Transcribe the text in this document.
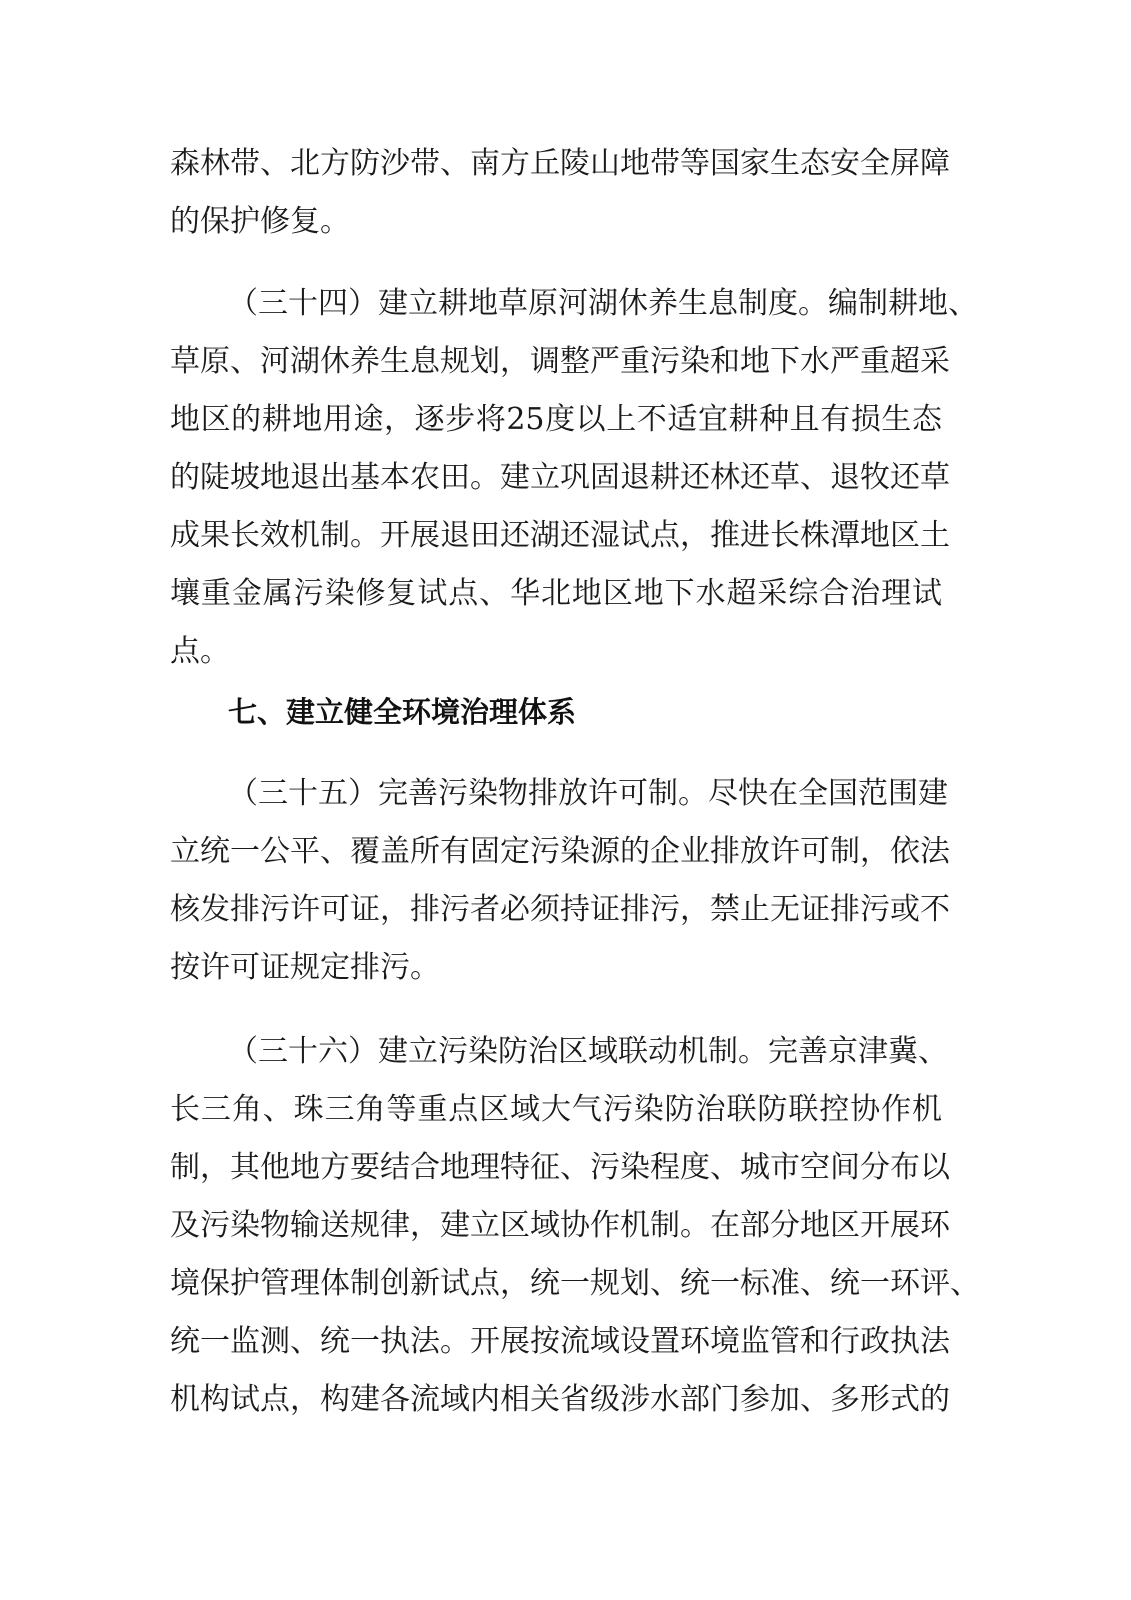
森林带、北方防沙带、南方丘陵山地带等国家生态安全屏障
的保护修复。
（三十四）建立耕地草原河湖休养生息制度。编制耕地、
草原、河湖休养生息规划，调整严重污染和地下水严重超采
地区的耕地用途，逐步将25度以上不适宜耕种且有损生态
的陡坡地退出基本农田。建立巩固退耕还林还草、退牧还草
成果长效机制。开展退田还湖还湿试点，推进长株潭地区土
壤重金属污染修复试点、华北地区地下水超采综合治理试
点。
七、建立健全环境治理体系
（三十五）完善污染物排放许可制。尽快在全国范围建
立统一公平、覆盖所有固定污染源的企业排放许可制，依法
核发排污许可证，排污者必须持证排污，禁止无证排污或不
按许可证规定排污。
（三十六）建立污染防治区域联动机制。完善京津冀、
长三角、珠三角等重点区域大气污染防治联防联控协作机
制，其他地方要结合地理特征、污染程度、城市空间分布以
及污染物输送规律，建立区域协作机制。在部分地区开展环
境保护管理体制创新试点，统一规划、统一标准、统一环评、
统一监测、统一执法。开展按流域设置环境监管和行政执法
机构试点，构建各流域内相关省级涉水部门参加、多形式的
